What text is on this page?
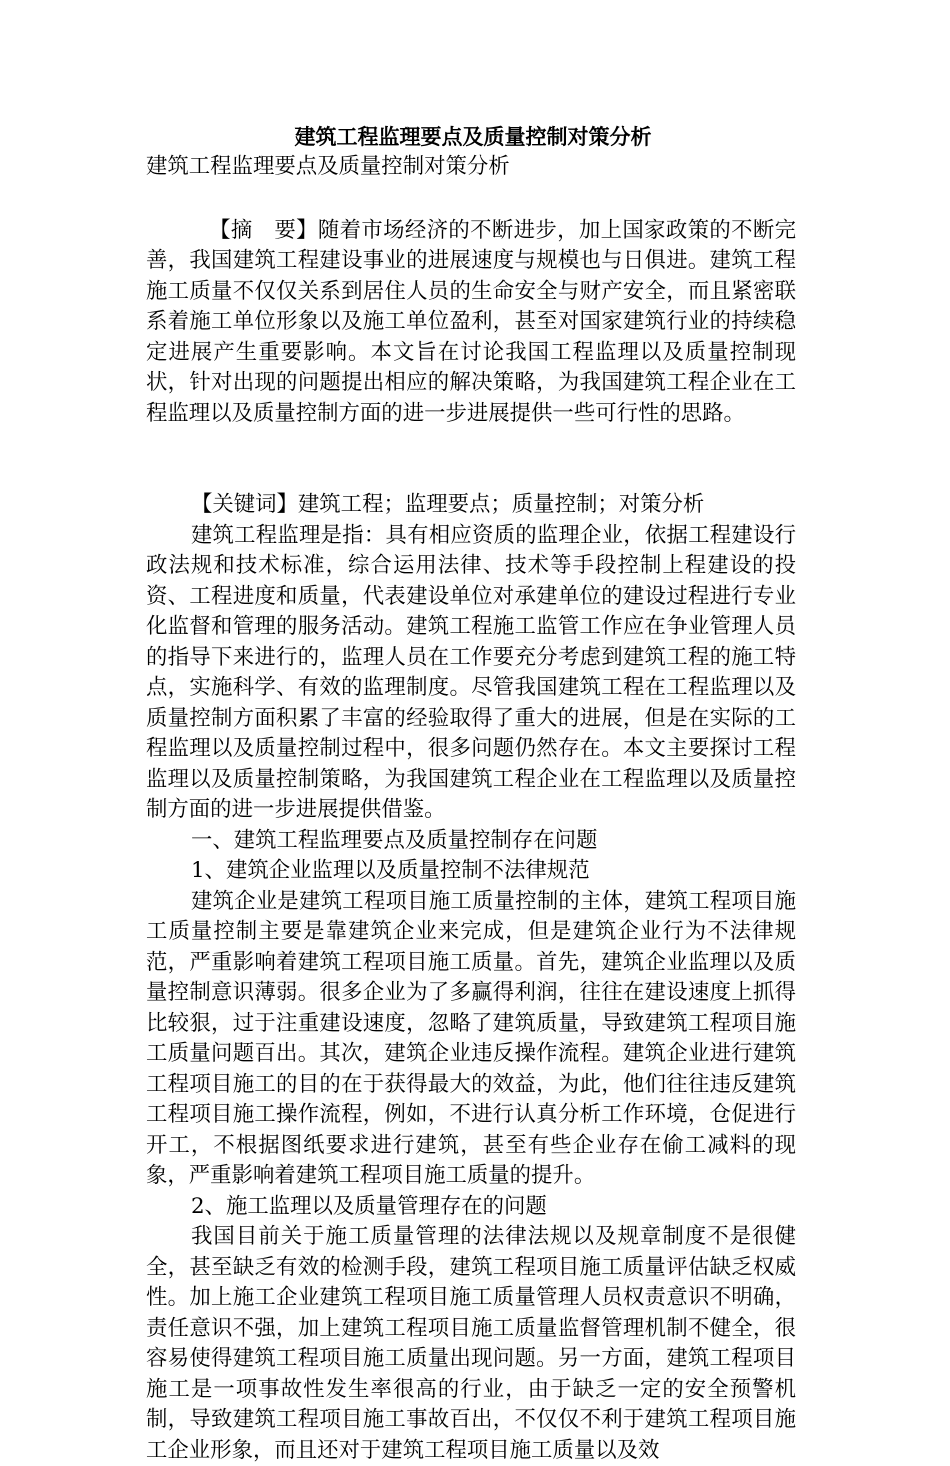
建筑工程监理要点及质量控制对策分析

建筑工程监理要点及质量控制对策分析

【摘　要】随着市场经济的不断进步，加上国家政策的不断完善，我国建筑工程建设事业的进展速度与规模也与日俱进。建筑工程施工质量不仅仅关系到居住人员的生命安全与财产安全，而且紧密联系着施工单位形象以及施工单位盈利，甚至对国家建筑行业的持续稳定进展产生重要影响。本文旨在讨论我国工程监理以及质量控制现状，针对出现的问题提出相应的解决策略，为我国建筑工程企业在工程监理以及质量控制方面的进一步进展提供一些可行性的思路。

【关键词】建筑工程；监理要点；质量控制；对策分析

建筑工程监理是指：具有相应资质的监理企业，依据工程建设行政法规和技术标准，综合运用法律、技术等手段控制上程建设的投资、工程进度和质量，代表建设单位对承建单位的建设过程进行专业化监督和管理的服务活动。建筑工程施工监管工作应在争业管理人员的指导下来进行的，监理人员在工作要充分考虑到建筑工程的施工特点，实施科学、有效的监理制度。尽管我国建筑工程在工程监理以及质量控制方面积累了丰富的经验取得了重大的进展，但是在实际的工程监理以及质量控制过程中，很多问题仍然存在。本文主要探讨工程监理以及质量控制策略，为我国建筑工程企业在工程监理以及质量控制方面的进一步进展提供借鉴。

一、建筑工程监理要点及质量控制存在问题

1、建筑企业监理以及质量控制不法律规范

建筑企业是建筑工程项目施工质量控制的主体，建筑工程项目施工质量控制主要是靠建筑企业来完成，但是建筑企业行为不法律规范，严重影响着建筑工程项目施工质量。首先，建筑企业监理以及质量控制意识薄弱。很多企业为了多赢得利润，往往在建设速度上抓得比较狠，过于注重建设速度，忽略了建筑质量，导致建筑工程项目施工质量问题百出。其次，建筑企业违反操作流程。建筑企业进行建筑工程项目施工的目的在于获得最大的效益，为此，他们往往违反建筑工程项目施工操作流程，例如，不进行认真分析工作环境，仓促进行开工，不根据图纸要求进行建筑，甚至有些企业存在偷工减料的现象，严重影响着建筑工程项目施工质量的提升。

2、施工监理以及质量管理存在的问题

我国目前关于施工质量管理的法律法规以及规章制度不是很健全，甚至缺乏有效的检测手段，建筑工程项目施工质量评估缺乏权威性。加上施工企业建筑工程项目施工质量管理人员权责意识不明确，责任意识不强，加上建筑工程项目施工质量监督管理机制不健全，很容易使得建筑工程项目施工质量出现问题。另一方面，建筑工程项目施工是一项事故性发生率很高的行业，由于缺乏一定的安全预警机制，导致建筑工程项目施工事故百出，不仅仅不利于建筑工程项目施工企业形象，而且还对于建筑工程项目施工质量以及效
